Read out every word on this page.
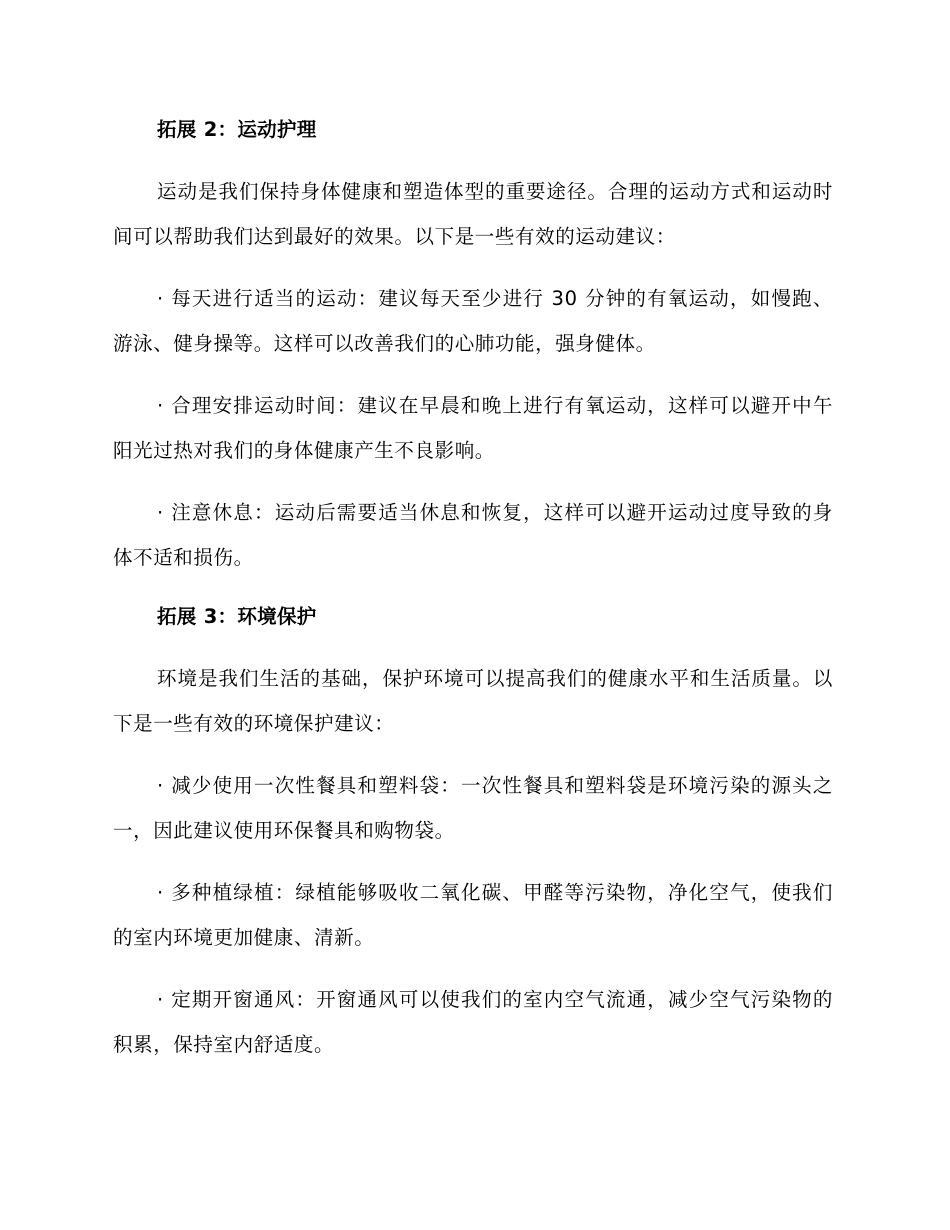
拓展 2：运动护理

运动是我们保持身体健康和塑造体型的重要途径。合理的运动方式和运动时间可以帮助我们达到最好的效果。以下是一些有效的运动建议：

· 每天进行适当的运动：建议每天至少进行 30 分钟的有氧运动，如慢跑、游泳、健身操等。这样可以改善我们的心肺功能，强身健体。

· 合理安排运动时间：建议在早晨和晚上进行有氧运动，这样可以避开中午阳光过热对我们的身体健康产生不良影响。

· 注意休息：运动后需要适当休息和恢复，这样可以避开运动过度导致的身体不适和损伤。

拓展 3：环境保护

环境是我们生活的基础，保护环境可以提高我们的健康水平和生活质量。以下是一些有效的环境保护建议：

· 减少使用一次性餐具和塑料袋：一次性餐具和塑料袋是环境污染的源头之一，因此建议使用环保餐具和购物袋。

· 多种植绿植：绿植能够吸收二氧化碳、甲醛等污染物，净化空气，使我们的室内环境更加健康、清新。

· 定期开窗通风：开窗通风可以使我们的室内空气流通，减少空气污染物的积累，保持室内舒适度。
